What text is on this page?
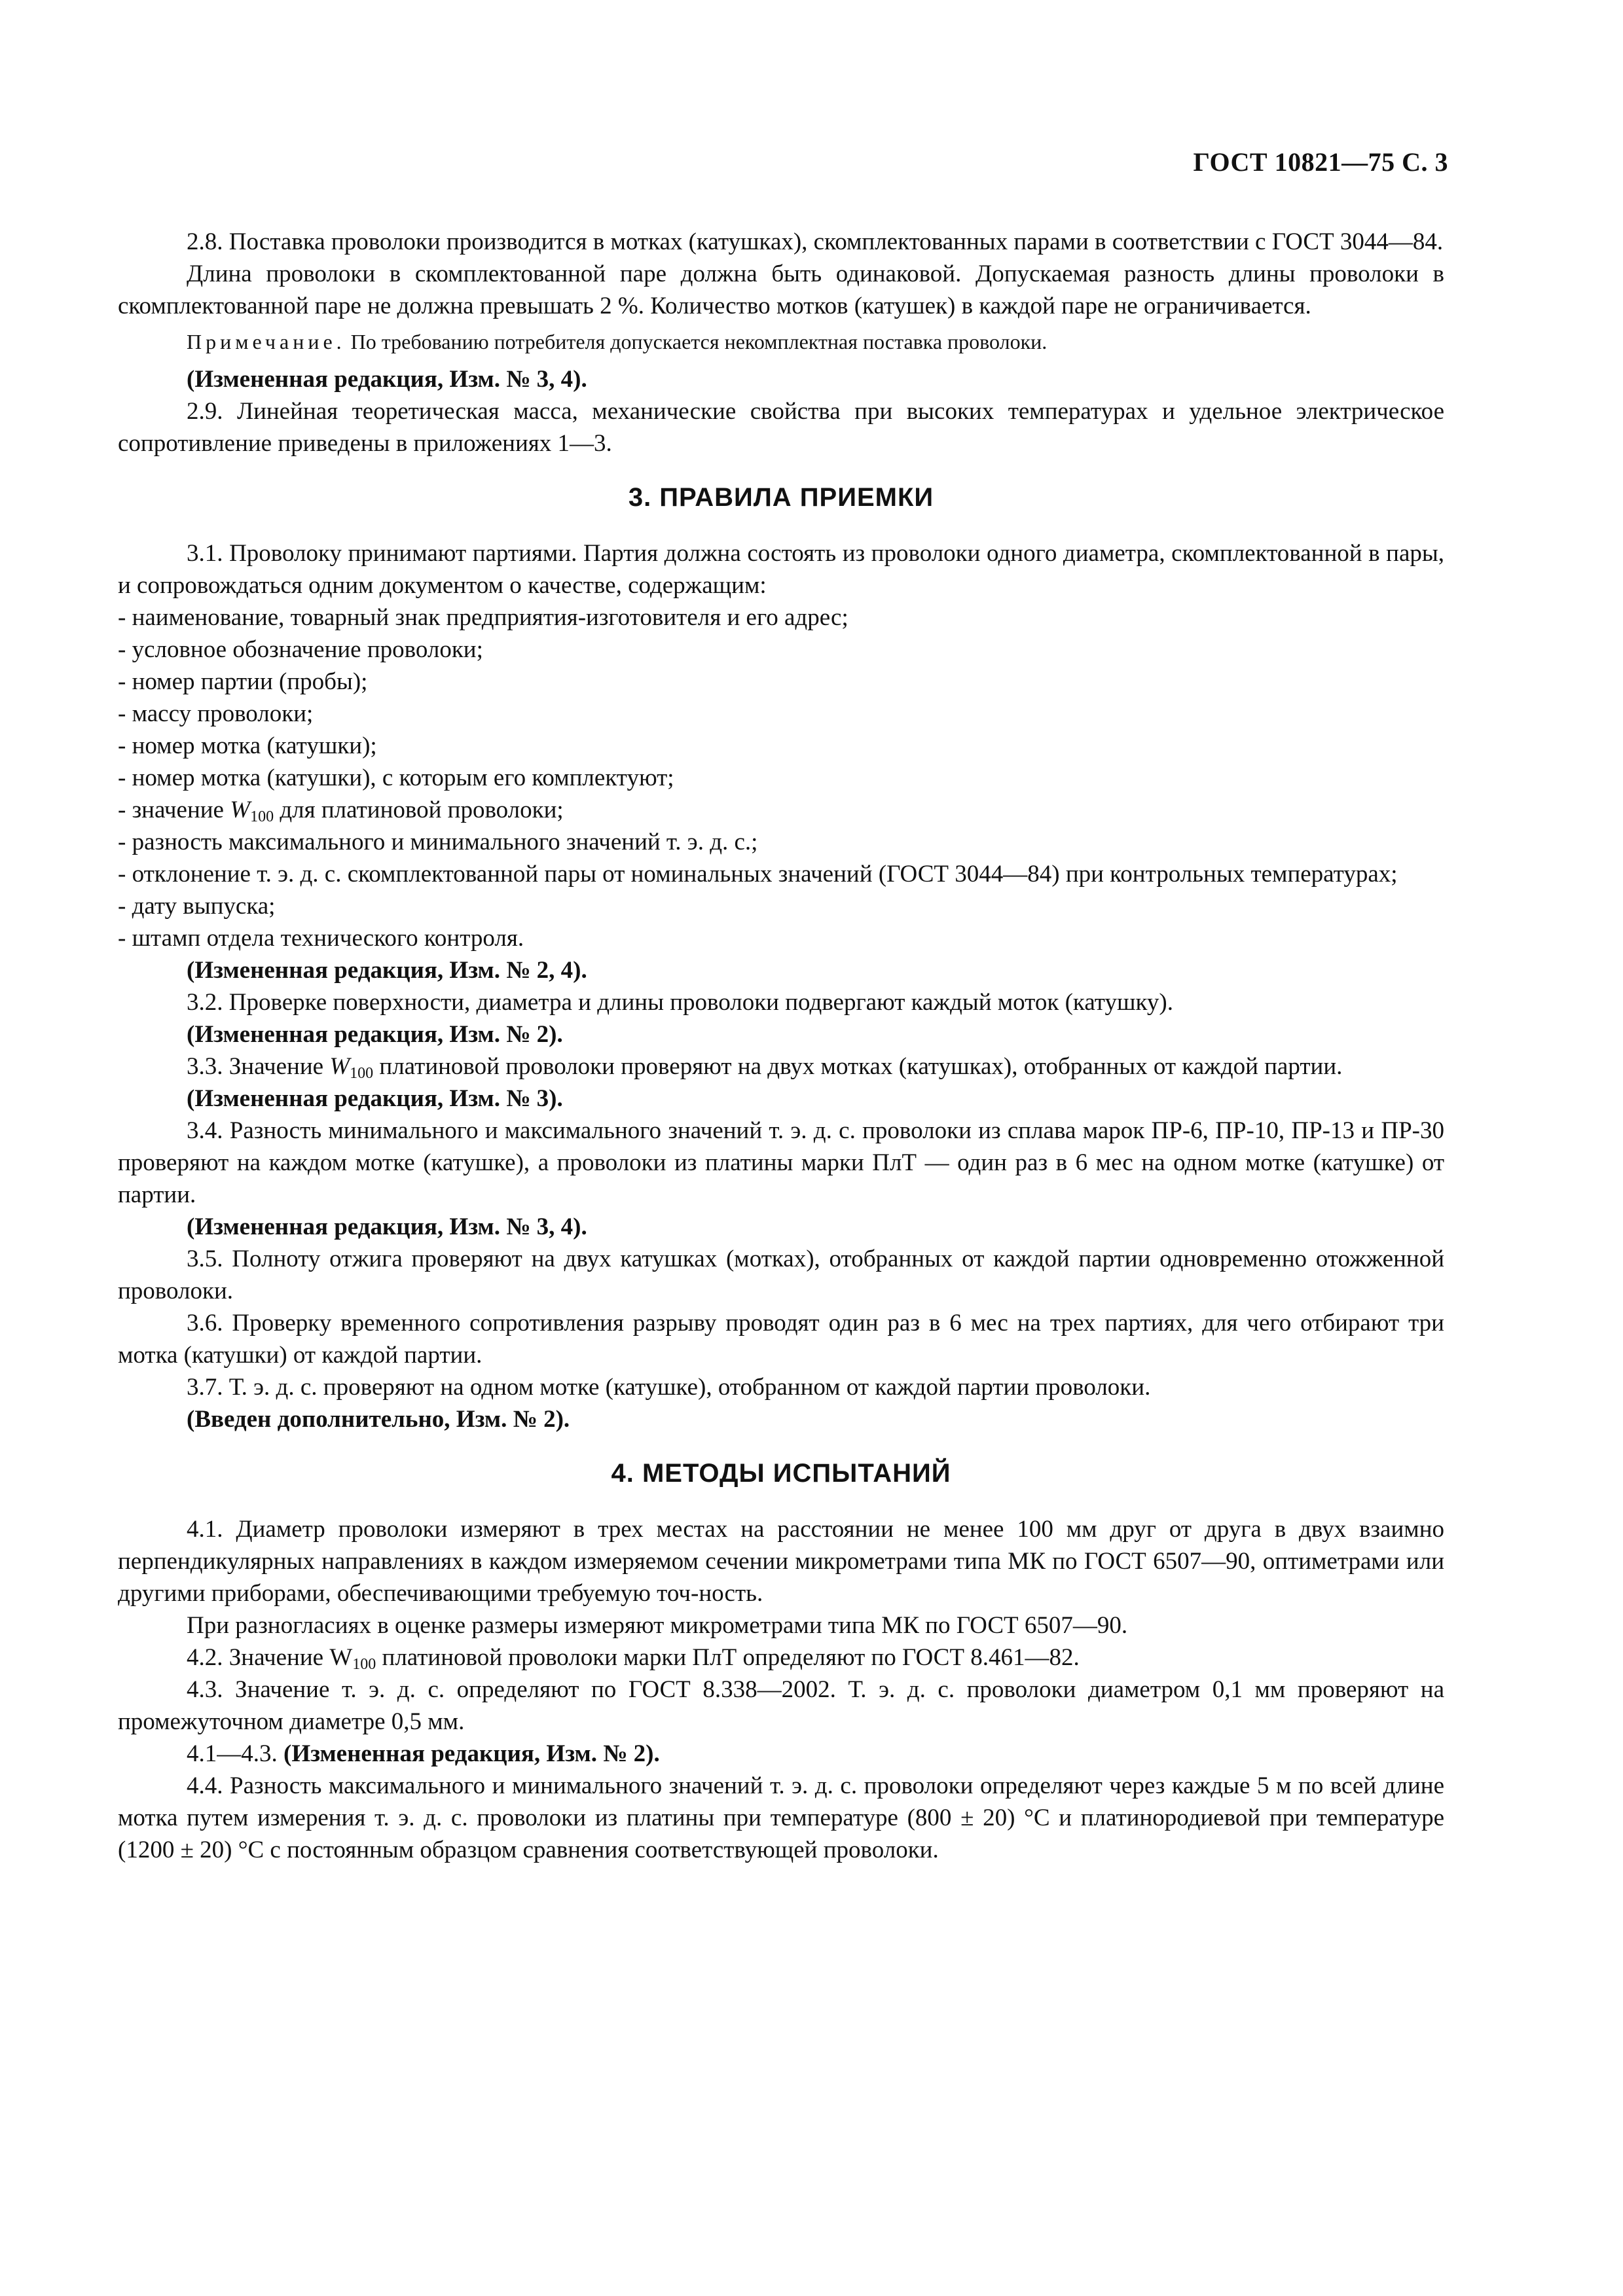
ГОСТ 10821—75 С. 3

2.8. Поставка проволоки производится в мотках (катушках), скомплектованных парами в соответствии с ГОСТ 3044—84.

Длина проволоки в скомплектованной паре должна быть одинаковой. Допускаемая разность длины проволоки в скомплектованной паре не должна превышать 2 %. Количество мотков (катушек) в каждой паре не ограничивается.

Примечание. По требованию потребителя допускается некомплектная поставка проволоки.

(Измененная редакция, Изм. № 3, 4).

2.9. Линейная теоретическая масса, механические свойства при высоких температурах и удельное электрическое сопротивление приведены в приложениях 1—3.

3. ПРАВИЛА ПРИЕМКИ

3.1. Проволоку принимают партиями. Партия должна состоять из проволоки одного диаметра, скомплектованной в пары, и сопровождаться одним документом о качестве, содержащим:

- наименование, товарный знак предприятия-изготовителя и его адрес;

- условное обозначение проволоки;

- номер партии (пробы);

- массу проволоки;

- номер мотка (катушки);

- номер мотка (катушки), с которым его комплектуют;

- значение $W_{100}$ для платиновой проволоки;

- разность максимального и минимального значений т. э. д. с.;

- отклонение т. э. д. с. скомплектованной пары от номинальных значений (ГОСТ 3044—84) при контрольных температурах;

- дату выпуска;

- штамп отдела технического контроля.

(Измененная редакция, Изм. № 2, 4).

3.2. Проверке поверхности, диаметра и длины проволоки подвергают каждый моток (катушку).

(Измененная редакция, Изм. № 2).

3.3. Значение $W_{100}$ платиновой проволоки проверяют на двух мотках (катушках), отобранных от каждой партии.

(Измененная редакция, Изм. № 3).

3.4. Разность минимального и максимального значений т. э. д. с. проволоки из сплава марок ПР-6, ПР-10, ПР-13 и ПР-30 проверяют на каждом мотке (катушке), а проволоки из платины марки ПлТ — один раз в 6 мес на одном мотке (катушке) от партии.

(Измененная редакция, Изм. № 3, 4).

3.5. Полноту отжига проверяют на двух катушках (мотках), отобранных от каждой партии одновременно отожженной проволоки.

3.6. Проверку временного сопротивления разрыву проводят один раз в 6 мес на трех партиях, для чего отбирают три мотка (катушки) от каждой партии.

3.7. Т. э. д. с. проверяют на одном мотке (катушке), отобранном от каждой партии проволоки.

(Введен дополнительно, Изм. № 2).

4. МЕТОДЫ ИСПЫТАНИЙ

4.1. Диаметр проволоки измеряют в трех местах на расстоянии не менее 100 мм друг от друга в двух взаимно перпендикулярных направлениях в каждом измеряемом сечении микрометрами типа МК по ГОСТ 6507—90, оптиметрами или другими приборами, обеспечивающими требуемую точ-ность.

При разногласиях в оценке размеры измеряют микрометрами типа МК по ГОСТ 6507—90.

4.2. Значение $W_{100}$ платиновой проволоки марки ПлТ определяют по ГОСТ 8.461—82.

4.3. Значение т. э. д. с. определяют по ГОСТ 8.338—2002. Т. э. д. с. проволоки диаметром 0,1 мм проверяют на промежуточном диаметре 0,5 мм.

4.1—4.3. (Измененная редакция, Изм. № 2).

4.4. Разность максимального и минимального значений т. э. д. с. проволоки определяют через каждые 5 м по всей длине мотка путем измерения т. э. д. с. проволоки из платины при температуре (800 ± 20) °С и платинородиевой при температуре (1200 ± 20) °С с постоянным образцом сравнения соответствующей проволоки.
